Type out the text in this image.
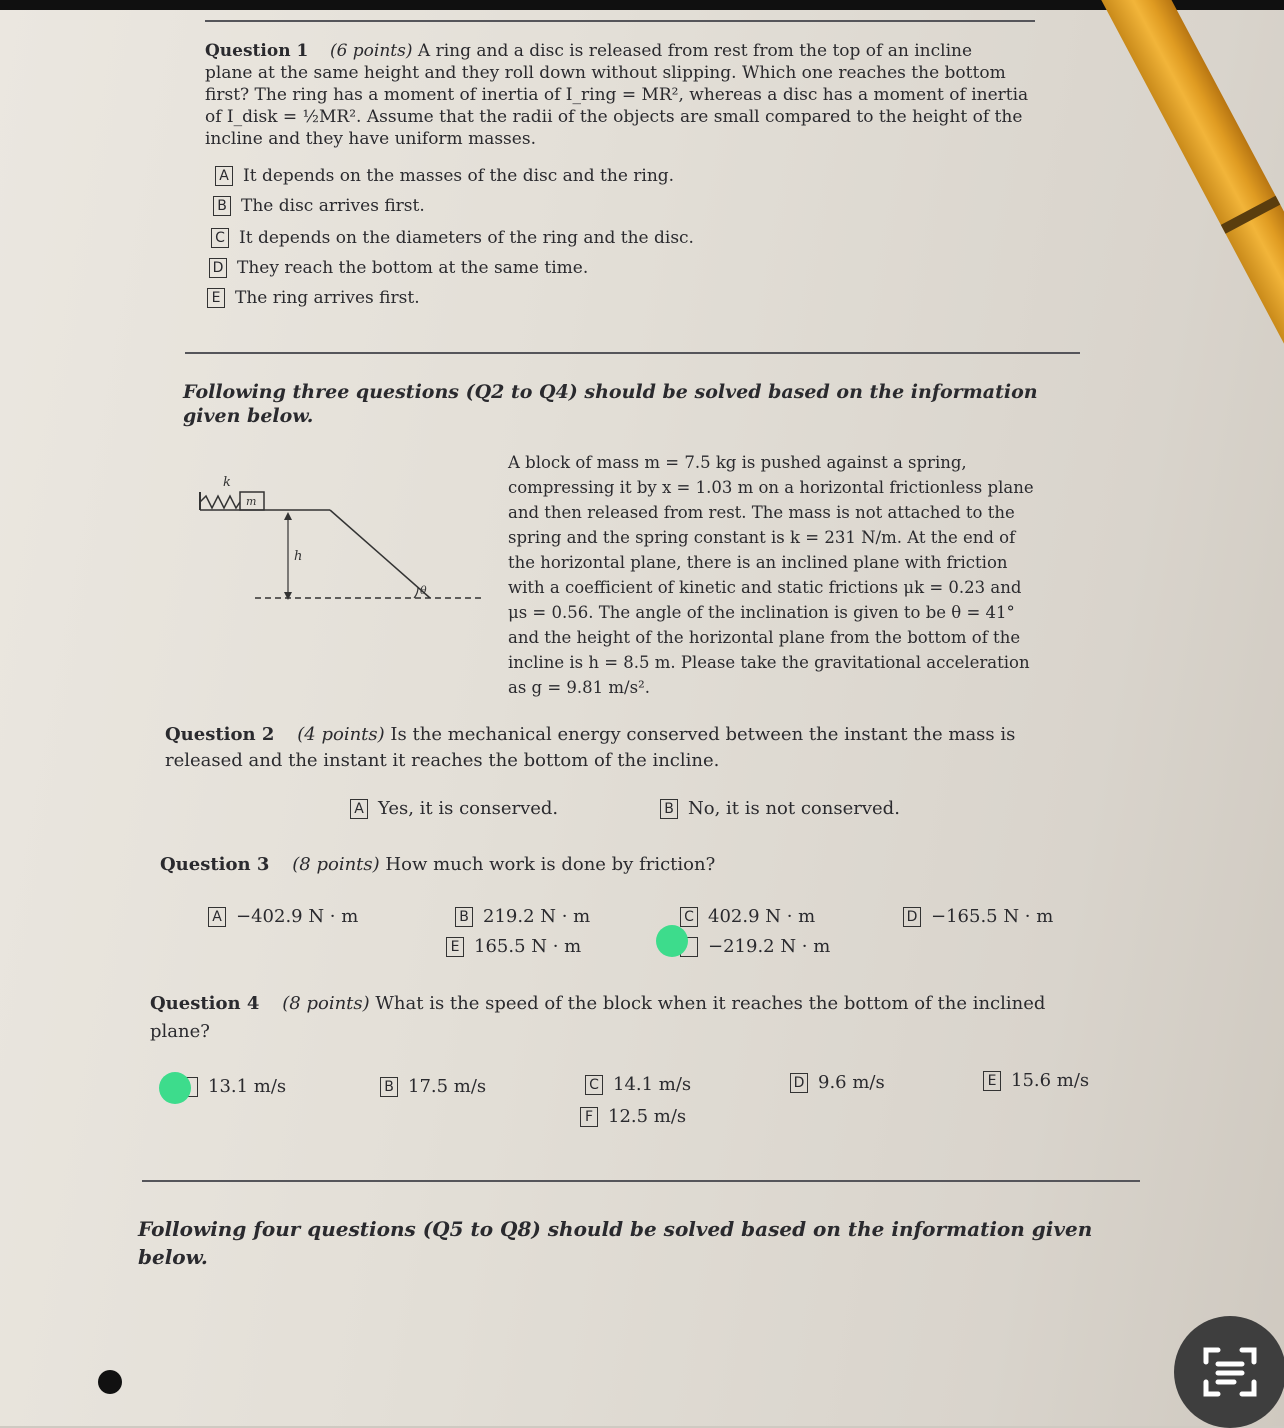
Question 1 (6 points) A ring and a disc is released from rest from the top of an incline
plane at the same height and they roll down without slipping. Which one reaches the bottom
first? The ring has a moment of inertia of I_ring = MR², whereas a disc has a moment of inertia
of I_disk = ½MR². Assume that the radii of the objects are small compared to the height of the
incline and they have uniform masses.
A It depends on the masses of the disc and the ring.
B The disc arrives first.
C It depends on the diameters of the ring and the disc.
D They reach the bottom at the same time.
E The ring arrives first.
Following three questions (Q2 to Q4) should be solved based on the information
given below.
k
m
h
θ
A block of mass m = 7.5 kg is pushed against a spring,
compressing it by x = 1.03 m on a horizontal frictionless plane
and then released from rest. The mass is not attached to the
spring and the spring constant is k = 231 N/m. At the end of
the horizontal plane, there is an inclined plane with friction
with a coefficient of kinetic and static frictions μk = 0.23 and
μs = 0.56. The angle of the inclination is given to be θ = 41°
and the height of the horizontal plane from the bottom of the
incline is h = 8.5 m. Please take the gravitational acceleration
as g = 9.81 m/s².
Question 2 (4 points) Is the mechanical energy conserved between the instant the mass is
released and the instant it reaches the bottom of the incline.
A Yes, it is conserved.	B No, it is not conserved.
Question 3 (8 points) How much work is done by friction?
A −402.9 N · m	B 219.2 N · m	C 402.9 N · m	D −165.5 N · m
E 165.5 N · m	−219.2 N · m
Question 4 (8 points) What is the speed of the block when it reaches the bottom of the inclined
plane?
13.1 m/s	B 17.5 m/s	C 14.1 m/s	D 9.6 m/s	E 15.6 m/s
F 12.5 m/s
Following four questions (Q5 to Q8) should be solved based on the information given
below.
